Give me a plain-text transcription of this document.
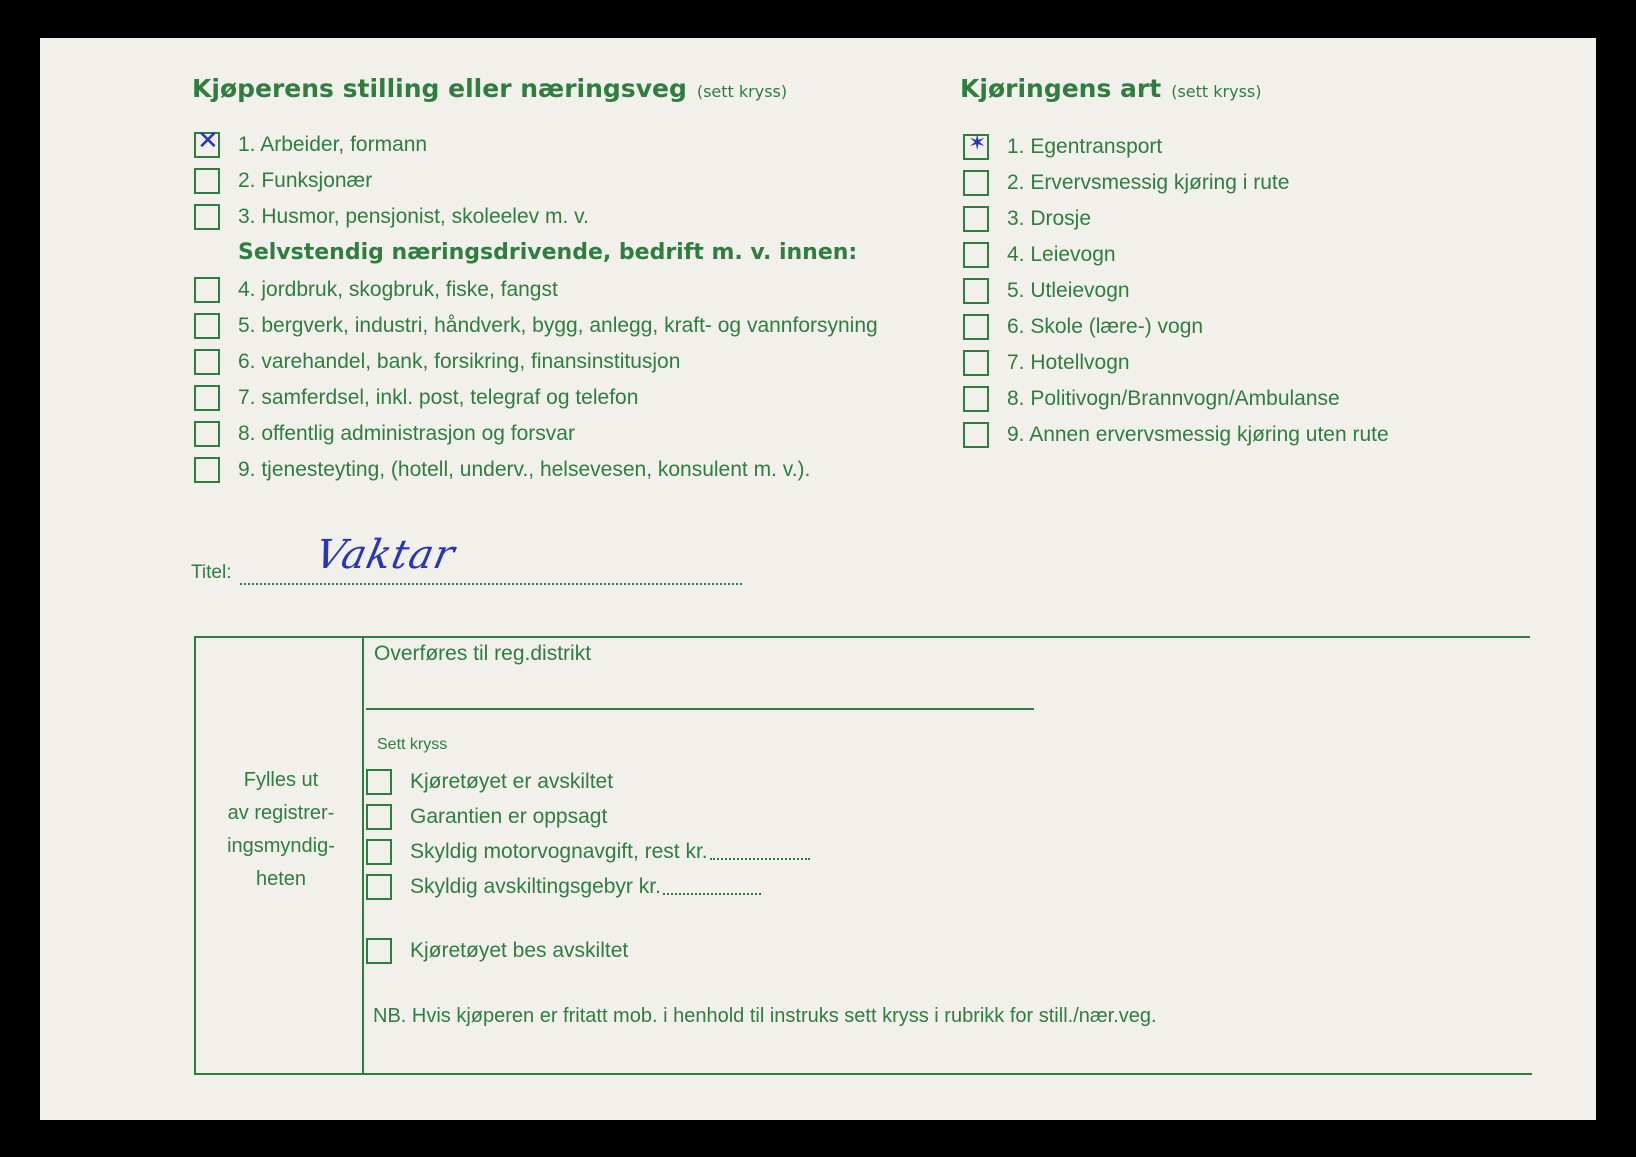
Kjøperens stilling eller næringsveg (sett kryss)	Kjøringens art (sett kryss)
✕ 1. Arbeider, formann
2. Funksjonær
3. Husmor, pensjonist, skoleelev m. v.
Selvstendig næringsdrivende, bedrift m. v. innen:
4. jordbruk, skogbruk, fiske, fangst
5. bergverk, industri, håndverk, bygg, anlegg, kraft- og vannforsyning
6. varehandel, bank, forsikring, finansinstitusjon
7. samferdsel, inkl. post, telegraf og telefon
8. offentlig administrasjon og forsvar
9. tjenesteyting, (hotell, underv., helsevesen, konsulent m. v.).
✶ 1. Egentransport
2. Ervervsmessig kjøring i rute
3. Drosje
4. Leievogn
5. Utleievogn
6. Skole (lære-) vogn
7. Hotellvogn
8. Politivogn/Brannvogn/Ambulanse
9. Annen ervervsmessig kjøring uten rute
Titel: Vaktar
Fylles ut
av registrer-
ingsmyndig-
heten
Overføres til reg.distrikt
Sett kryss
Kjøretøyet er avskiltet
Garantien er oppsagt
Skyldig motorvognavgift, rest kr.
Skyldig avskiltingsgebyr kr.
Kjøretøyet bes avskiltet
NB. Hvis kjøperen er fritatt mob. i henhold til instruks sett kryss i rubrikk for still./nær.veg.
